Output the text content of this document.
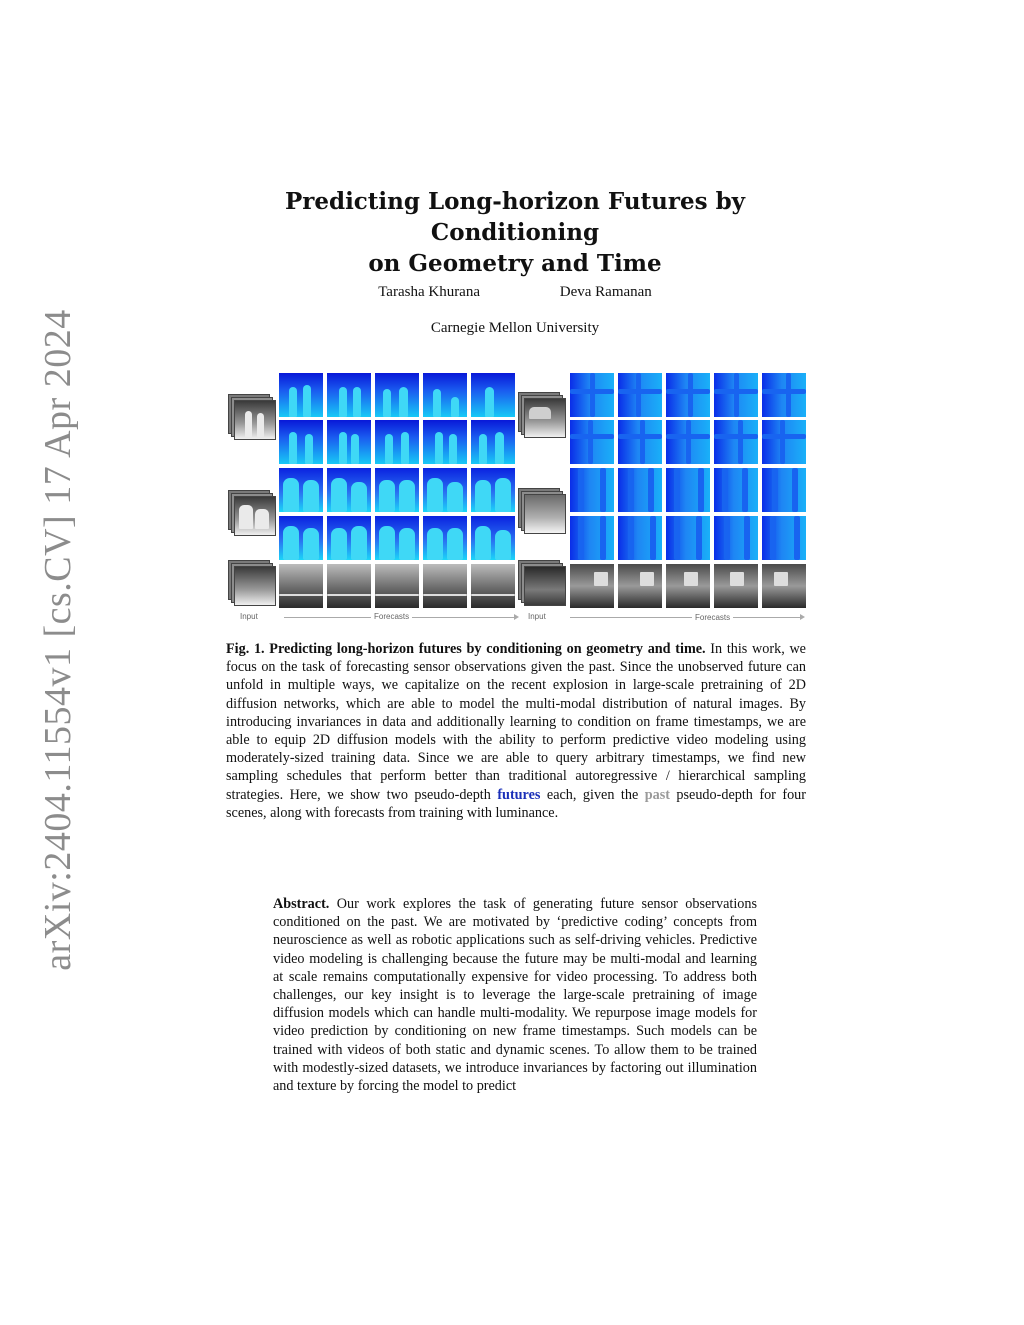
arXiv:2404.11554v1 [cs.CV] 17 Apr 2024
Predicting Long-horizon Futures by Conditioning
on Geometry and Time
Tarasha Khurana	Deva Ramanan
Carnegie Mellon University
Input	Forecasts	Input	Forecasts
Fig. 1. Predicting long-horizon futures by conditioning on geometry and time. In this work, we focus on the task of forecasting sensor observations given the past. Since the unobserved future can unfold in multiple ways, we capitalize on the recent explosion in large-scale pretraining of 2D diffusion networks, which are able to model the multi-modal distribution of natural images. By introducing invariances in data and additionally learning to condition on frame timestamps, we are able to equip 2D diffusion models with the ability to perform predictive video modeling using moderately-sized training data. Since we are able to query arbitrary timestamps, we find new sampling schedules that perform better than traditional autoregressive / hierarchical sampling strategies. Here, we show two pseudo-depth futures each, given the past pseudo-depth for four scenes, along with forecasts from training with luminance.
Abstract. Our work explores the task of generating future sensor observations conditioned on the past. We are motivated by ‘predictive coding’ concepts from neuroscience as well as robotic applications such as self-driving vehicles. Predictive video modeling is challenging because the future may be multi-modal and learning at scale remains computationally expensive for video processing. To address both challenges, our key insight is to leverage the large-scale pretraining of image diffusion models which can handle multi-modality. We repurpose image models for video prediction by conditioning on new frame timestamps. Such models can be trained with videos of both static and dynamic scenes. To allow them to be trained with modestly-sized datasets, we introduce invariances by factoring out illumination and texture by forcing the model to predict
